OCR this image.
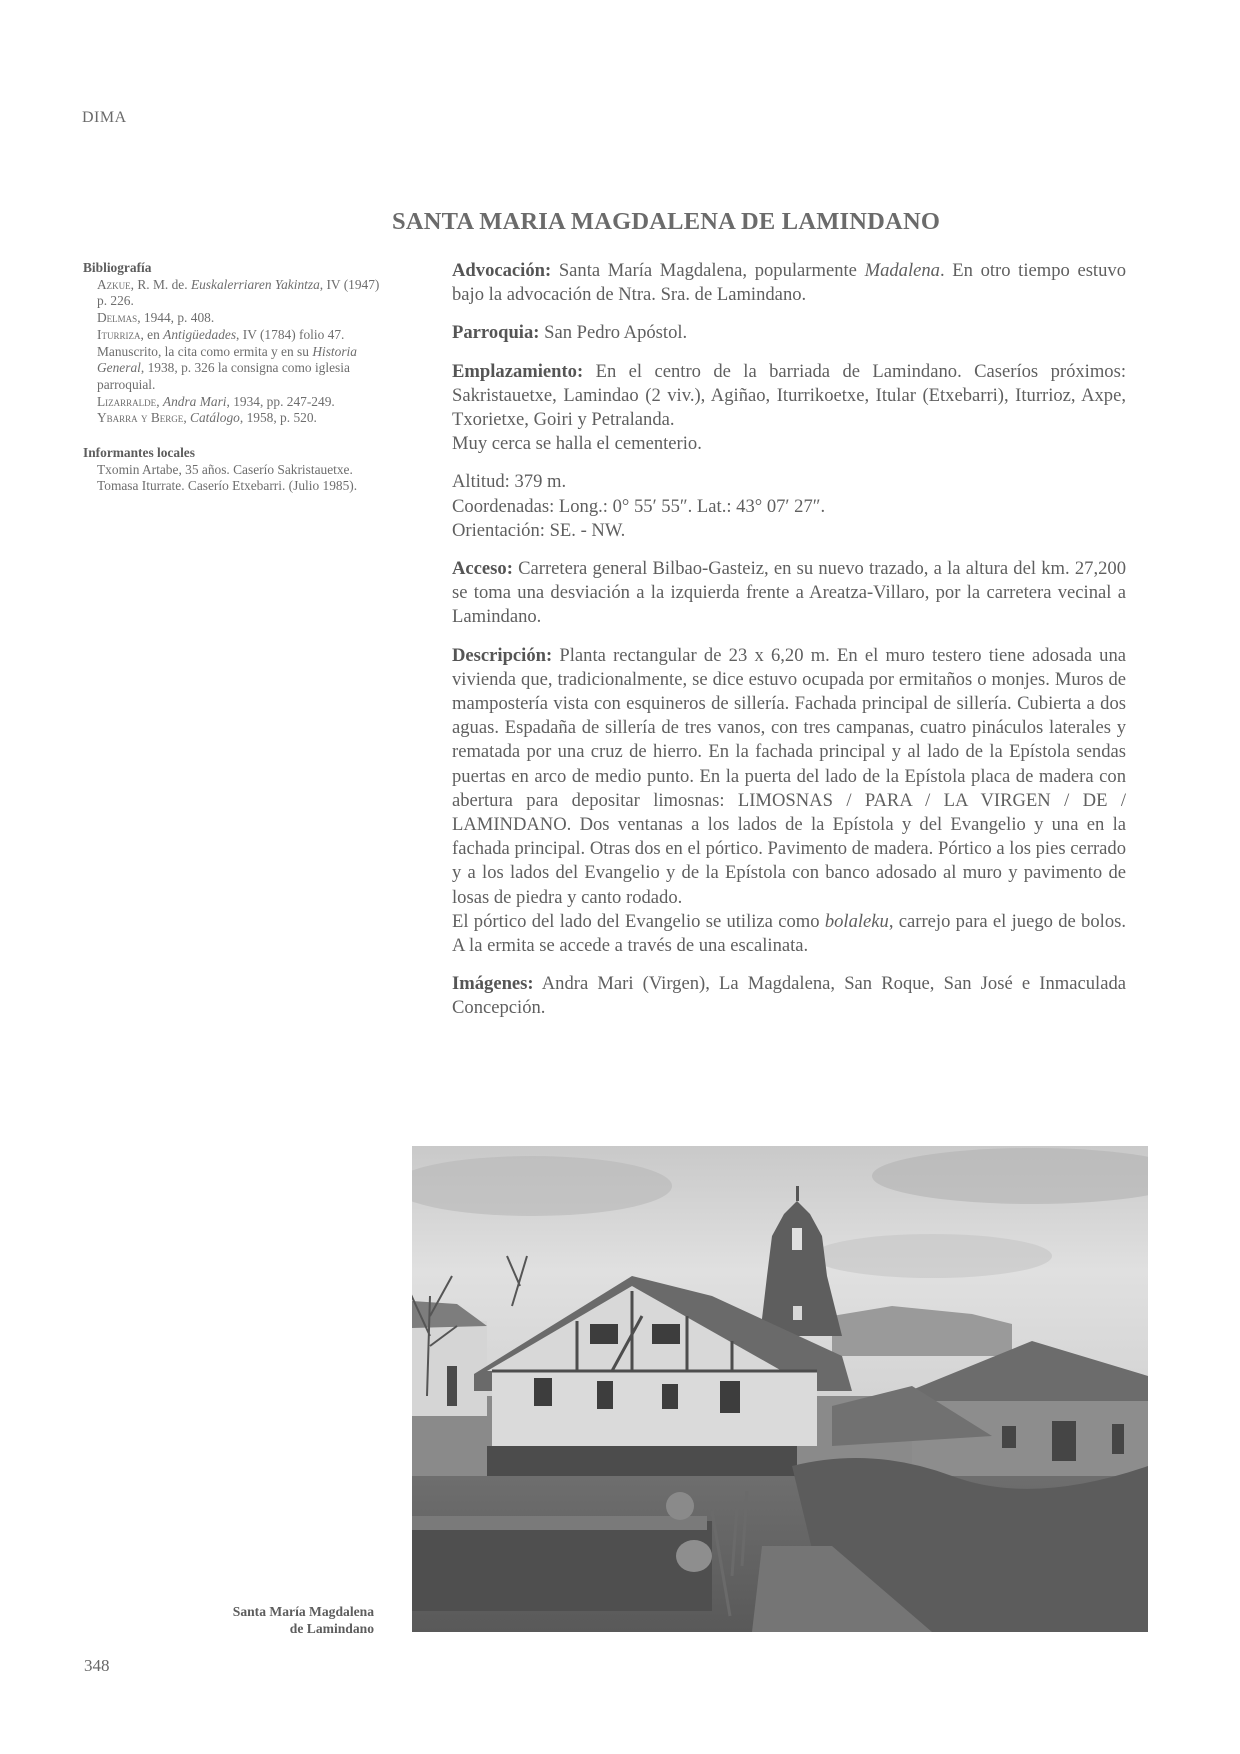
DIMA
SANTA MARIA MAGDALENA DE LAMINDANO

Bibliografía

Azkue, R. M. de. Euskalerriaren Yakintza, IV (1947) p. 226.
Delmas, 1944, p. 408.
Iturriza, en Antigüedades, IV (1784) folio 47. Manuscrito, la cita como ermita y en su Historia General, 1938, p. 326 la consigna como iglesia parroquial.
Lizarralde, Andra Mari, 1934, pp. 247-249.
Ybarra y Berge, Catálogo, 1958, p. 520.

Informantes locales

Txomin Artabe, 35 años. Caserío Sakristauetxe. Tomasa Iturrate. Caserío Etxebarri. (Julio 1985).

Advocación: Santa María Magdalena, popularmente Madalena. En otro tiempo estuvo bajo la advocación de Ntra. Sra. de Lamindano.

Parroquia: San Pedro Apóstol.

Emplazamiento: En el centro de la barriada de Lamindano. Caseríos próximos: Sakristauetxe, Lamindao (2 viv.), Agiñao, Iturrikoetxe, Itular (Etxebarri), Iturrioz, Axpe, Txorietxe, Goiri y Petralanda.

Muy cerca se halla el cementerio.

Altitud: 379 m.

Coordenadas: Long.: 0° 55′ 55″. Lat.: 43° 07′ 27″.

Orientación: SE. - NW.

Acceso: Carretera general Bilbao-Gasteiz, en su nuevo trazado, a la altura del km. 27,200 se toma una desviación a la izquierda frente a Areatza-Villaro, por la carretera vecinal a Lamindano.

Descripción: Planta rectangular de 23 x 6,20 m. En el muro testero tiene adosada una vivienda que, tradicionalmente, se dice estuvo ocupada por ermitaños o monjes. Muros de mampostería vista con esquineros de sillería. Fachada principal de sillería. Cubierta a dos aguas. Espadaña de sillería de tres vanos, con tres campanas, cuatro pináculos laterales y rematada por una cruz de hierro. En la fachada principal y al lado de la Epístola sendas puertas en arco de medio punto. En la puerta del lado de la Epístola placa de madera con abertura para depositar limosnas: LIMOSNAS / PARA / LA VIRGEN / DE / LAMINDANO. Dos ventanas a los lados de la Epístola y del Evangelio y una en la fachada principal. Otras dos en el pórtico. Pavimento de madera. Pórtico a los pies cerrado y a los lados del Evangelio y de la Epístola con banco adosado al muro y pavimento de losas de piedra y canto rodado.

El pórtico del lado del Evangelio se utiliza como bolaleku, carrejo para el juego de bolos. A la ermita se accede a través de una escalinata.

Imágenes: Andra Mari (Virgen), La Magdalena, San Roque, San José e Inmaculada Concepción.

Santa María Magdalena
de Lamindano
348
